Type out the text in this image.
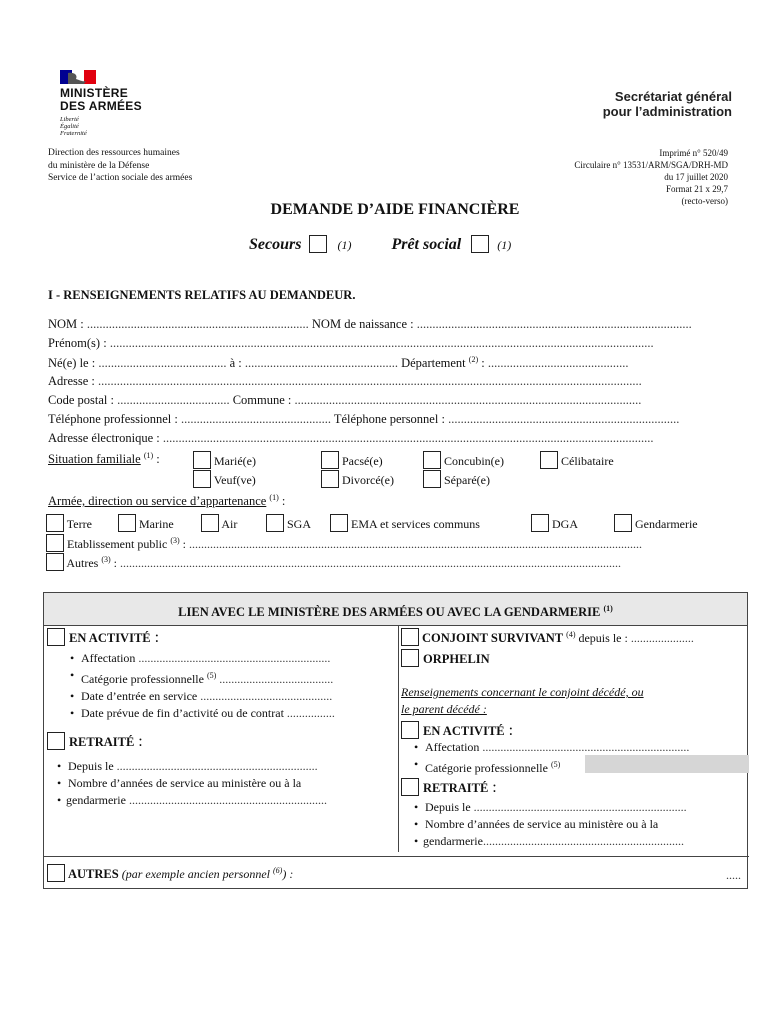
MINISTÈRE
DES ARMÉES
Liberté
Égalité
Fraternité
Secrétariat général
pour l’administration
Direction des ressources humaines
du ministère de la Défense
Service de l’action sociale des armées
Imprimé n° 520/49
Circulaire n° 13531/ARM/SGA/DRH-MD
du 17 juillet 2020
Format 21 x 29,7
(recto-verso)
DEMANDE D’AIDE FINANCIÈRE
Secours	(1)	Prêt social	(1)
I - RENSEIGNEMENTS RELATIFS AU DEMANDEUR.
NOM : ....................................................................... NOM de naissance : ........................................................................................
Prénom(s) : ..............................................................................................................................................................................
Né(e) le : ......................................... à : ................................................. Département $^{(2)}$ : .............................................
Adresse : ..............................................................................................................................................................................
Code postal : .................................... Commune : ...............................................................................................................
Téléphone professionnel : ................................................ Téléphone personnel : ..........................................................................
Adresse électronique : .............................................................................................................................................................
Situation familiale $^{(1)}$ :	Marié(e)	Pacsé(e)	Concubin(e)	Célibataire
Veuf(ve)	Divorcé(e)	Séparé(e)
Armée, direction ou service d’appartenance $^{(1)}$ :
Terre	Marine	Air	SGA	EMA et services communs	DGA	Gendarmerie
Etablissement public $^{(3)}$ : .......................................................................................................................................................
Autres $^{(3)}$ : .......................................................................................................................................................................
LIEN AVEC LE MINISTÈRE DES ARMÉES OU AVEC LA GENDARMERIE $^{(1)}$
EN ACTIVITÉ :
• Affectation ................................................................
• Catégorie professionnelle $^{(5)}$ ......................................
• Date d’entrée en service ............................................
• Date prévue de fin d’activité ou de contrat ................
RETRAITÉ :
• Depuis le ...................................................................
• Nombre d’années de service au ministère ou à la
• gendarmerie ..................................................................
CONJOINT SURVIVANT $^{(4)}$ depuis le : .....................
ORPHELIN
Renseignements concernant le conjoint décédé, ou
le parent décédé :
EN ACTIVITÉ :
• Affectation .....................................................................
• Catégorie professionnelle $^{(5)}$
RETRAITÉ :
• Depuis le .......................................................................
• Nombre d’années de service au ministère ou à la
• gendarmerie...................................................................
AUTRES (par exemple ancien personnel $^{(6)}$) :	.....
